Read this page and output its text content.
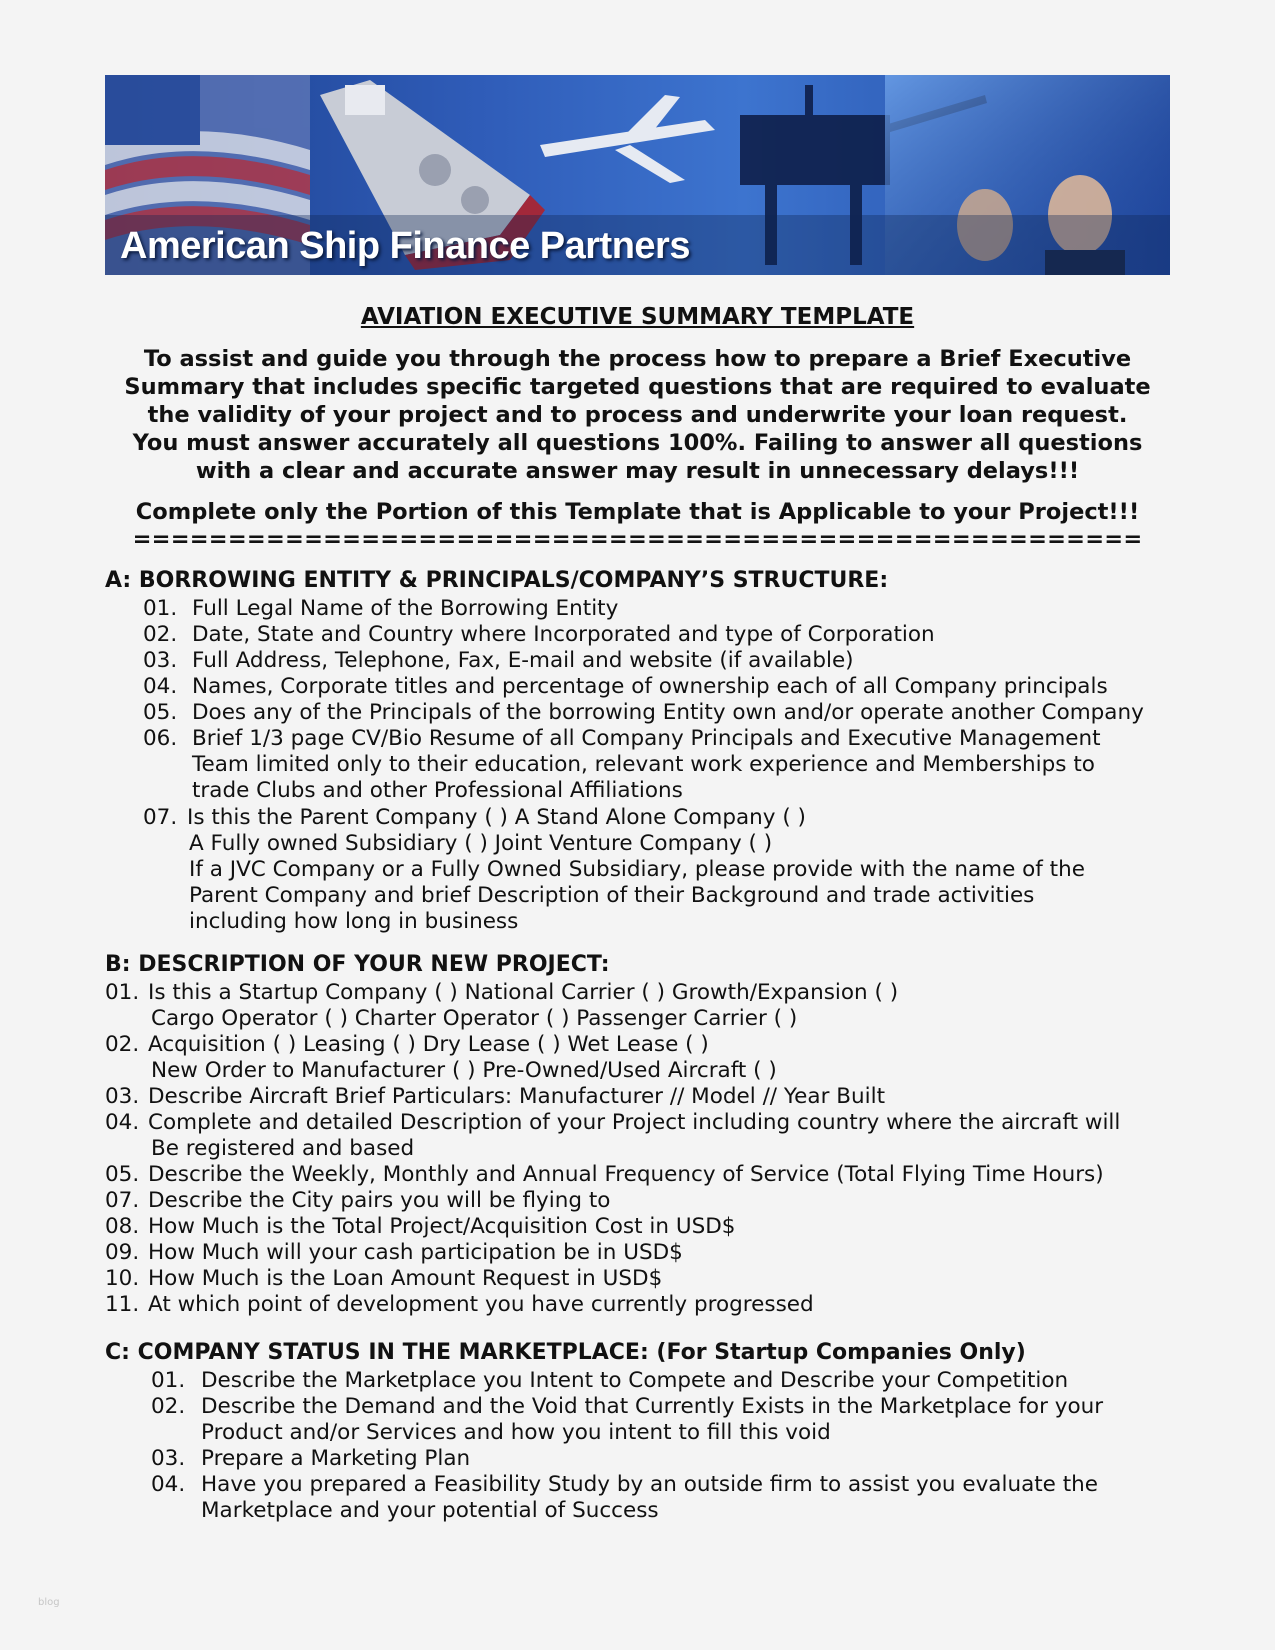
American Ship Finance Partners
AVIATION EXECUTIVE SUMMARY TEMPLATE
To assist and guide you through the process how to prepare a Brief Executive
Summary that includes specific targeted questions that are required to evaluate
the validity of your project and to process and underwrite your loan request.
You must answer accurately all questions 100%. Failing to answer all questions
with a clear and accurate answer may result in unnecessary delays!!!
Complete only the Portion of this Template that is Applicable to your Project!!!
=====================================================
A: BORROWING ENTITY & PRINCIPALS/COMPANY’S STRUCTURE:
01. Full Legal Name of the Borrowing Entity
02. Date, State and Country where Incorporated and type of Corporation
03. Full Address, Telephone, Fax, E-mail and website (if available)
04. Names, Corporate titles and percentage of ownership each of all Company principals
05. Does any of the Principals of the borrowing Entity own and/or operate another Company
06. Brief 1/3 page CV/Bio Resume of all Company Principals and Executive Management
Team limited only to their education, relevant work experience and Memberships to
trade Clubs and other Professional Affiliations
07. Is this the Parent Company ( ) A Stand Alone Company ( )
A Fully owned Subsidiary ( ) Joint Venture Company ( )
If a JVC Company or a Fully Owned Subsidiary, please provide with the name of the
Parent Company and brief Description of their Background and trade activities
including how long in business
B: DESCRIPTION OF YOUR NEW PROJECT:
01. Is this a Startup Company ( ) National Carrier ( ) Growth/Expansion ( )
Cargo Operator ( ) Charter Operator ( ) Passenger Carrier ( )
02. Acquisition ( ) Leasing ( ) Dry Lease ( ) Wet Lease ( )
New Order to Manufacturer ( ) Pre-Owned/Used Aircraft ( )
03. Describe Aircraft Brief Particulars: Manufacturer // Model // Year Built
04. Complete and detailed Description of your Project including country where the aircraft will
Be registered and based
05. Describe the Weekly, Monthly and Annual Frequency of Service (Total Flying Time Hours)
07. Describe the City pairs you will be flying to
08. How Much is the Total Project/Acquisition Cost in USD$
09. How Much will your cash participation be in USD$
10. How Much is the Loan Amount Request in USD$
11. At which point of development you have currently progressed
C: COMPANY STATUS IN THE MARKETPLACE: (For Startup Companies Only)
01. Describe the Marketplace you Intent to Compete and Describe your Competition
02. Describe the Demand and the Void that Currently Exists in the Marketplace for your
Product and/or Services and how you intent to fill this void
03. Prepare a Marketing Plan
04. Have you prepared a Feasibility Study by an outside firm to assist you evaluate the
Marketplace and your potential of Success
blog
